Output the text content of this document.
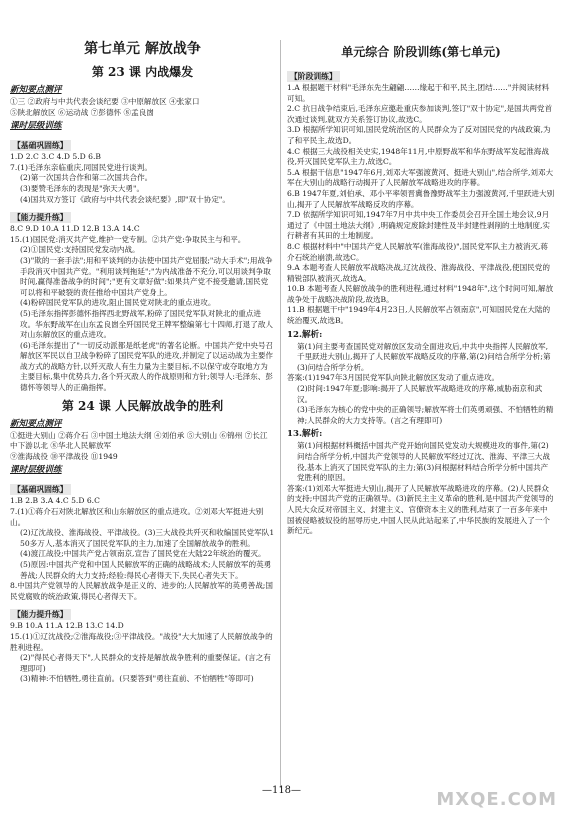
第七单元 解放战争
第 23 课 内战爆发
新知要点测评

①三 ②政府与中共代表会谈纪要 ③中原解放区 ④张家口

⑤陕北解放区 ⑥运动战 ⑦彭德怀 ⑧孟良崮

课时层级训练
【基础巩固练】

1.D 2.C 3.C 4.D 5.D 6.B

7.(1)毛泽东亲临重庆,同国民党进行谈判。

(2)第一次国共合作和第二次国共合作。

(3)要赞毛泽东的表现是"弥天大勇"。

(4)国共双方签订《政府与中共代表会谈纪要》,即"双十协定"。

【能力提升练】

8.C 9.D 10.A 11.D 12.B 13.A 14.C

15.(1)国民党:消灭共产党,维护一党专制。②共产党:争取民主与和平。

(2)①国民党:支持国民党发动内战。

(3)"欺的一套手法";用和平谈判的办法使中国共产党屈服;"动大手术";用战争手段消灭中国共产党。"利用谈判拖延";"为内战准备不充分,可以用谈判争取时间,赢得准备战争的时间";"更有文章好做":如果共产党不接受邀请,国民党可以将和平破裂的责任推给中国共产党身上。

(4)粉碎国民党军队的进攻,阻止国民党对陕北的重点进攻。

(5)毛泽东指挥彭德怀指挥西北野战军,粉碎了国民党军队对陕北的重点进攻。华东野战军在山东孟良崮全歼国民党王牌军整编第七十四师,打退了敌人对山东解放区的重点进攻。

(6)毛泽东提出了"一切反动派都是纸老虎"的著名论断。中国共产党中央号召解放区军民以自卫战争粉碎了国民党军队的进攻,并制定了以运动战为主要作战方式的战略方针,以歼灭敌人有生力量为主要目标,不以保守或夺取地方为主要目标,集中优势兵力,各个歼灭敌人的作战原则和方针;领导人:毛泽东、彭德怀等领导人的正确指挥。

第 24 课 人民解放战争的胜利
新知要点测评

①挺进大别山 ②蒋介石 ③中国土地法大纲 ④刘伯承 ⑤大别山 ⑥锦州 ⑦长江中下游以北 ⑧华北人民解放军

⑨淮海战役 ⑩平津战役 ⑪1949

课时层级训练
【基础巩固练】

1.B 2.B 3.A 4.C 5.D 6.C

7.(1)①蒋介石对陕北解放区和山东解放区的重点进攻。②刘邓大军挺进大别山。

(2)辽沈战役、淮海战役、平津战役。(3)三大战役共歼灭和收编国民党军队150多万人,基本消灭了国民党军队的主力,加速了全国解放战争的胜利。

(4)渡江战役;中国共产党占领南京,宣告了国民党在大陆22年统治的覆灭。

(5)原因:中国共产党和中国人民解放军的正确的战略战术;人民解放军的英勇善战;人民群众的大力支持;经验:得民心者得天下,失民心者失天下。

8.中国共产党领导的人民解放战争是正义的、进步的;人民解放军的英勇善战;国民党腐败的统治政策,得民心者得天下。

【能力提升练】

9.B 10.A 11.A 12.B 13.C 14.D

15.(1)①辽沈战役;②淮海战役;③平津战役。"战役"大大加速了人民解放战争的胜利进程。

(2)"得民心者得天下",人民群众的支持是解放战争胜利的重要保证。(言之有理即可)

(3)精神:不怕牺牲,勇往直前。(只要答到"勇往直前、不怕牺牲"等即可)

单元综合 阶段训练(第七单元)
【阶段训练】

1.A 根据题干材料"毛泽东先生翩翩……缘起于和平,民主,团结……"并阅读材料可知。

2.C 抗日战争结束后,毛泽东应邀赴重庆参加谈判,签订"双十协定",是国共两党首次通过谈判,就双方关系签订协议,故选C。

3.D 根据所学知识可知,国民党统治区的人民群众为了反对国民党的内战政策,为了和平民主,故选D。

4.C 根据三大战役相关史实,1948年11月,中原野战军和华东野战军发起淮海战役,歼灭国民党军队主力,故选C。

5.A 根据干信息"1947年6月,刘邓大军强渡黄河、挺进大别山",结合所学,刘邓大军在大别山的战略行动揭开了人民解放军战略进攻的序幕。

6.B 1947年夏,刘伯承、邓小平率领晋冀鲁豫野战军主力强渡黄河,千里跃进大别山,揭开了人民解放军战略反攻的序幕。

7.D 依据所学知识可知,1947年7月中共中央工作委员会召开全国土地会议,9月通过了《中国土地法大纲》,明确规定废除封建性及半封建性剥削的土地制度,实行耕者有其田的土地制度。

8.C 根据材料中"中国共产党人民解放军(淮海战役)",国民党军队主力被消灭,蒋介石统治崩溃,故选C。

9.A 本题考查人民解放军战略决战,辽沈战役、淮海战役、平津战役,使国民党的精锐部队被消灭,故选A。

10.B 本题考查人民解放战争的胜利进程,通过材料"1948年",这个时间可知,解放战争处于战略决战阶段,故选B。

11.B 根据题干中"1949年4月23日,人民解放军占领南京",可知国民党在大陆的统治覆灭,故选B。

12.解析:

第(1)问主要考查国民党对解放区发动全面进攻后,中共中央指挥人民解放军,千里跃进大别山,揭开了人民解放军战略反攻的序幕,第(2)问结合所学分析;第(3)问结合所学分析。

答案:(1)1947年3月国民党军队向陕北解放区发动了重点进攻。

(2)时间:1947年夏;影响:揭开了人民解放军战略进攻的序幕,威胁南京和武汉。

(3)毛泽东为核心的党中央的正确领导;解放军将士们英勇顽强、不怕牺牲的精神;人民群众的大力支持等。(言之有理即可)

13.解析:

第(1)问根据材料概括中国共产党开始向国民党发动大规模进攻的事件,第(2)问结合所学分析,中国共产党领导的人民解放军经过辽沈、淮海、平津三大战役,基本上消灭了国民党军队的主力;第(3)问根据材料结合所学分析中国共产党胜利的原因。

答案:(1)刘邓大军挺进大别山,揭开了人民解放军战略进攻的序幕。(2)人民群众的支持;中国共产党的正确领导。(3)新民主主义革命的胜利,是中国共产党领导的人民大众反对帝国主义、封建主义、官僚资本主义的胜利,结束了一百多年来中国被侵略被奴役的屈辱历史,中国人民从此站起来了,中华民族的发展进入了一个新纪元。

—118—	MXQE.COM
